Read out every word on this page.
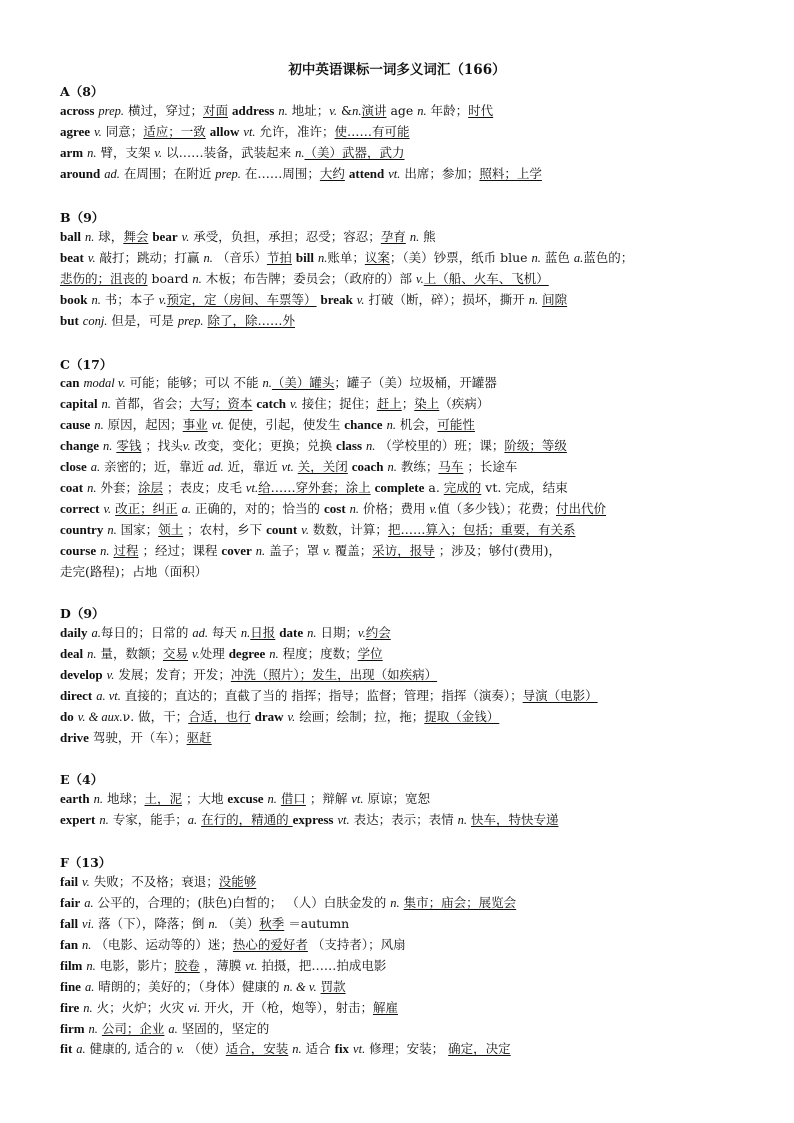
初中英语课标一词多义词汇（166）
A（8）
B（9）
C（17）
D（9）
E（4）
F（13）
across prep. 横过，穿过；对面 address n. 地址；v. &n.演讲 age n. 年龄；时代
agree v. 同意；适应；一致 allow vt. 允许，准许；使……有可能
arm n. 臂，支架 v. 以……装备，武装起来 n.（美）武器，武力
around ad. 在周围；在附近 prep. 在……周围；大约 attend vt. 出席；参加；照料；上学
ball n. 球，舞会 bear v. 承受，负担，承担；忍受；容忍；孕育 n. 熊
beat v. 敲打；跳动；打赢 n. （音乐）节拍 bill n.账单；议案；（美）钞票，纸币 blue n. 蓝色 a.蓝色的；
悲伤的；沮丧的 board n. 木板；布告牌；委员会；（政府的）部 v.上（船、火车、飞机）
book n. 书；本子 v.预定，定（房间、车票等） break v. 打破（断，碎）；损坏，撕开 n. 间隙
but conj. 但是，可是 prep. 除了，除……外
can modal v. 可能；能够；可以 不能 n.（美）罐头；罐子（美）垃圾桶，开罐器
capital n. 首都，省会；大写；资本 catch v. 接住；捉住；赶上；染上（疾病）
cause n. 原因，起因；事业 vt. 促使，引起，使发生 chance n. 机会，可能性
change n. 零钱 ；找头v. 改变，变化；更换；兑换 class n. （学校里的）班；课；阶级；等级
close a. 亲密的；近，靠近 ad. 近，靠近 vt. 关，关闭 coach n. 教练；马车 ；长途车
coat n. 外套；涂层 ；表皮；皮毛 vt.给……穿外套；涂上 complete a. 完成的 vt. 完成，结束
correct v. 改正；纠正 a. 正确的，对的；恰当的 cost n. 价格；费用 v.值（多少钱）；花费；付出代价
country n. 国家；领土 ；农村，乡下 count v. 数数，计算；把……算入；包括；重要，有关系
course n. 过程 ；经过；课程 cover n. 盖子；罩 v. 覆盖；采访，报导 ；涉及；够付(费用)，
走完(路程)；占地（面积）
daily a.每日的；日常的 ad. 每天 n.日报 date n. 日期；v.约会
deal n. 量，数额；交易 v.处理 degree n. 程度；度数；学位
develop v. 发展；发育；开发；冲洗（照片）；发生，出现（如疾病）
direct a. vt. 直接的；直达的；直截了当的 指挥；指导；监督；管理；指挥（演奏）；导演（电影）
do v. & aux.ν. 做，干；合适，也行 draw v. 绘画；绘制；拉，拖；提取（金钱）
drive 驾驶，开（车）；驱赶
earth n. 地球；土，泥 ；大地 excuse n. 借口 ；辩解 vt. 原谅；宽恕
expert n. 专家，能手；a. 在行的，精通的 express vt. 表达；表示；表情 n. 快车，特快专递
fail v. 失败；不及格；衰退；没能够
fair a. 公平的，合理的；(肤色)白皙的； （人）白肤金发的 n. 集市；庙会；展览会
fall vi. 落（下），降落；倒 n. （美）秋季 ＝autumn
fan n. （电影、运动等的）迷；热心的爱好者 （支持者）；风扇
film n. 电影，影片；胶卷 ，薄膜 vt. 拍摄，把……拍成电影
fine a. 晴朗的；美好的；（身体）健康的 n. & v. 罚款
fire n. 火；火炉；火灾 vi. 开火，开（枪，炮等），射击；解雇
firm n. 公司；企业 a. 坚固的，坚定的
fit a. 健康的, 适合的 v. （使）适合，安装 n. 适合 fix vt. 修理；安装； 确定，决定
